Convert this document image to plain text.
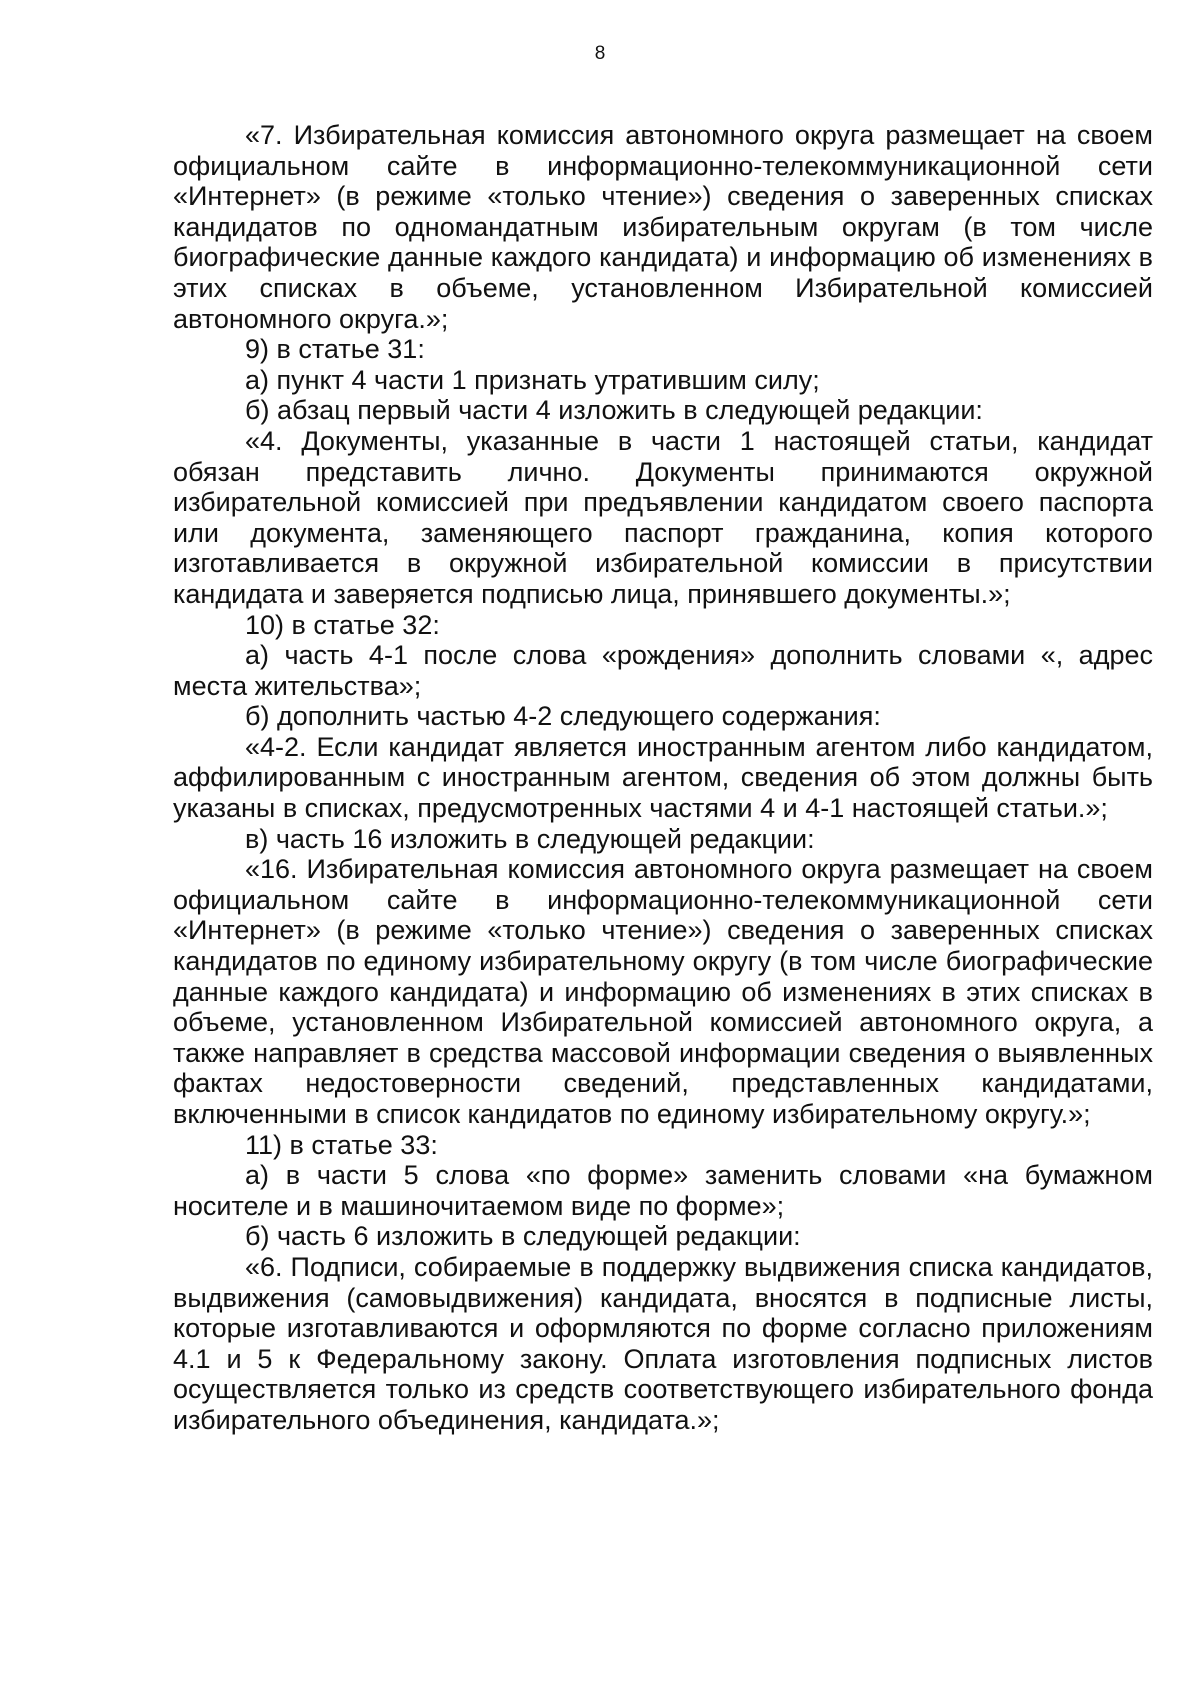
8

«7. Избирательная комиссия автономного округа размещает на своем официальном сайте в информационно-телекоммуникационной сети «Интернет» (в режиме «только чтение») сведения о заверенных списках кандидатов по одномандатным избирательным округам (в том числе биографические данные каждого кандидата) и информацию об изменениях в этих списках в объеме, установленном Избирательной комиссией автономного округа.»;

9) в статье 31:

а) пункт 4 части 1 признать утратившим силу;

б) абзац первый части 4 изложить в следующей редакции:

«4. Документы, указанные в части 1 настоящей статьи, кандидат обязан представить лично. Документы принимаются окружной избирательной комиссией при предъявлении кандидатом своего паспорта или документа, заменяющего паспорт гражданина, копия которого изготавливается в окружной избирательной комиссии в присутствии кандидата и заверяется подписью лица, принявшего документы.»;

10) в статье 32:

а) часть 4-1 после слова «рождения» дополнить словами «, адрес места жительства»;

б) дополнить частью 4-2 следующего содержания:

«4-2. Если кандидат является иностранным агентом либо кандидатом, аффилированным с иностранным агентом, сведения об этом должны быть указаны в списках, предусмотренных частями 4 и 4-1 настоящей статьи.»;

в) часть 16 изложить в следующей редакции:

«16. Избирательная комиссия автономного округа размещает на своем официальном сайте в информационно-телекоммуникационной сети «Интернет» (в режиме «только чтение») сведения о заверенных списках кандидатов по единому избирательному округу (в том числе биографические данные каждого кандидата) и информацию об изменениях в этих списках в объеме, установленном Избирательной комиссией автономного округа, а также направляет в средства массовой информации сведения о выявленных фактах недостоверности сведений, представленных кандидатами, включенными в список кандидатов по единому избирательному округу.»;

11) в статье 33:

а) в части 5 слова «по форме» заменить словами «на бумажном носителе и в машиночитаемом виде по форме»;

б) часть 6 изложить в следующей редакции:

«6. Подписи, собираемые в поддержку выдвижения списка кандидатов, выдвижения (самовыдвижения) кандидата, вносятся в подписные листы, которые изготавливаются и оформляются по форме согласно приложениям 4.1 и 5 к Федеральному закону. Оплата изготовления подписных листов осуществляется только из средств соответствующего избирательного фонда избирательного объединения, кандидата.»;
